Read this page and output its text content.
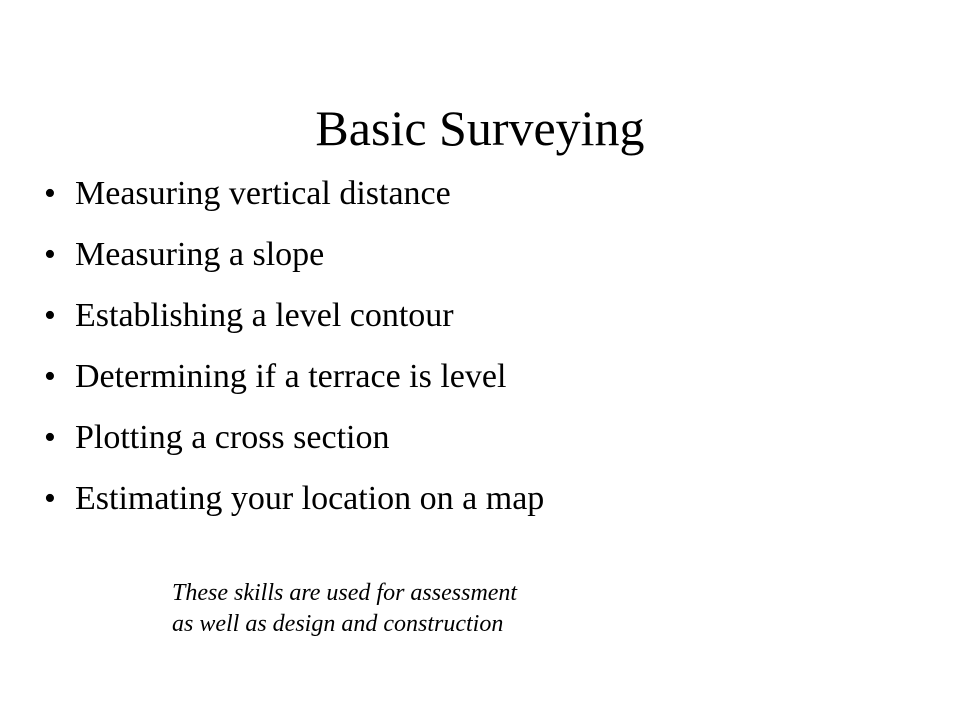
Basic Surveying
• Measuring vertical distance
• Measuring a slope
• Establishing a level contour
• Determining if a terrace is level
• Plotting a cross section
• Estimating your location on a map
These skills are used for assessment
as well as design and construction
